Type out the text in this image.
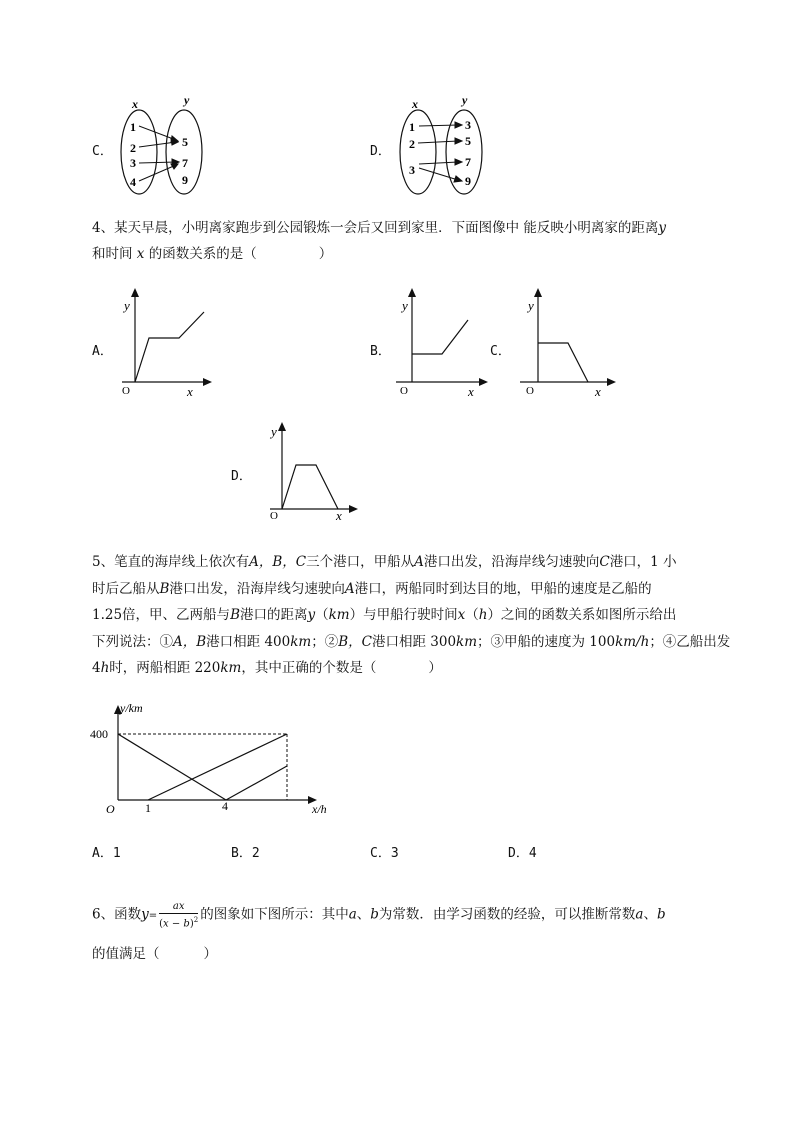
C．
x	y
1
2
3
4
5
7
9
D．
x	y
1
2
3
3
5
7
9
4、某天早晨，小明离家跑步到公园锻炼一会后又回到家里．下面图像中 能反映小明离家的距离y
和时间 x 的函数关系的是（	）
A．
y
x
O
B．
y
x
O
C．
y
x
O
D．
y
x
O
5、笔直的海岸线上依次有A，B，C三个港口，甲船从A港口出发，沿海岸线匀速驶向C港口，1 小
时后乙船从B港口出发，沿海岸线匀速驶向A港口，两船同时到达目的地，甲船的速度是乙船的
1.25倍，甲、乙两船与B港口的距离y（km）与甲船行驶时间x（h）之间的函数关系如图所示给出
下列说法：①A，B港口相距 400km；②B，C港口相距 300km；③甲船的速度为 100km/h；④乙船出发
4h时，两船相距 220km，其中正确的个数是（	）
y/km
x/h
400
O	1	4
A．1	B．2	C．3	D．4
6、函数$y= \frac{ax}{(x - b)^2}$ 的图象如下图所示：其中a、b为常数．由学习函数的经验，可以推断常数a、b
的值满足（	）
